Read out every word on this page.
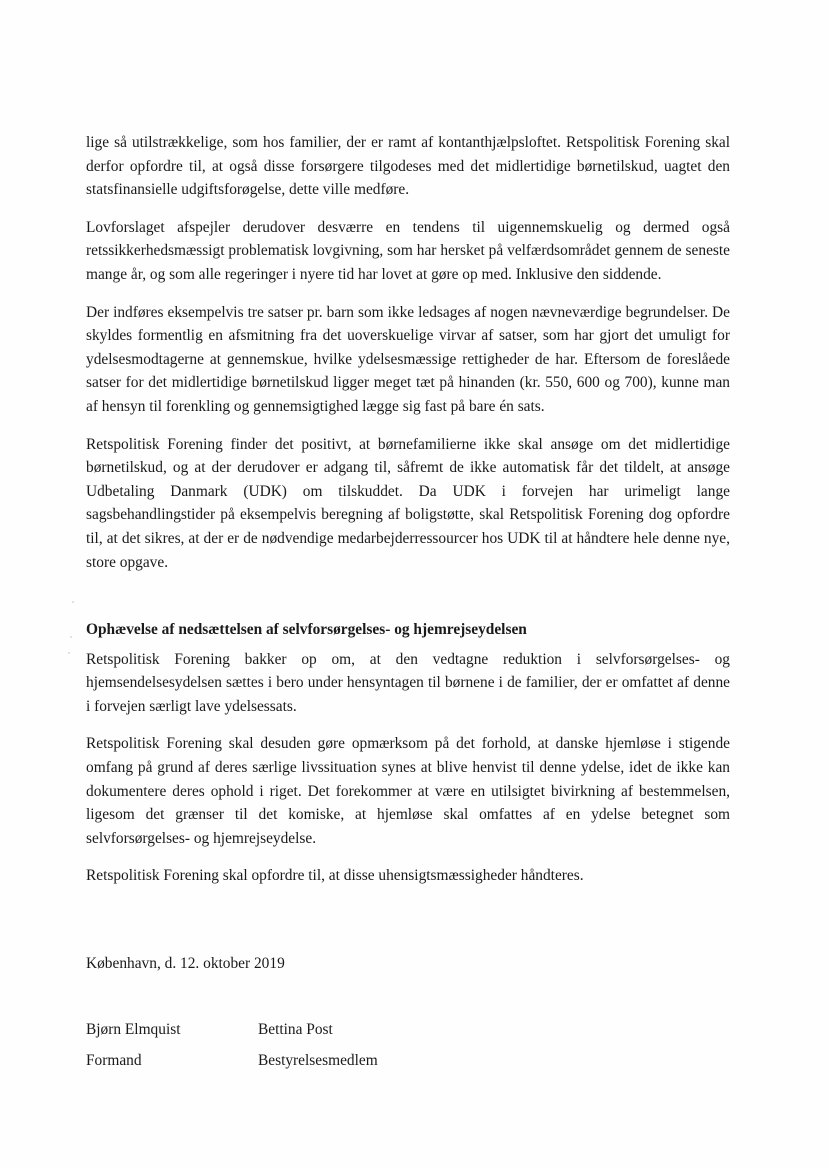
lige så utilstrækkelige, som hos familier, der er ramt af kontanthjælpsloftet. Retspolitisk Forening skal derfor opfordre til, at også disse forsørgere tilgodeses med det midlertidige børnetilskud, uagtet den statsfinansielle udgiftsforøgelse, dette ville medføre.

Lovforslaget afspejler derudover desværre en tendens til uigennemskuelig og dermed også retssikkerhedsmæssigt problematisk lovgivning, som har hersket på velfærdsområdet gennem de seneste mange år, og som alle regeringer i nyere tid har lovet at gøre op med. Inklusive den siddende.

Der indføres eksempelvis tre satser pr. barn som ikke ledsages af nogen nævneværdige begrundelser. De skyldes formentlig en afsmitning fra det uoverskuelige virvar af satser, som har gjort det umuligt for ydelsesmodtagerne at gennemskue, hvilke ydelsesmæssige rettigheder de har. Eftersom de foreslåede satser for det midlertidige børnetilskud ligger meget tæt på hinanden (kr. 550, 600 og 700), kunne man af hensyn til forenkling og gennemsigtighed lægge sig fast på bare én sats.

Retspolitisk Forening finder det positivt, at børnefamilierne ikke skal ansøge om det midlertidige børnetilskud, og at der derudover er adgang til, såfremt de ikke automatisk får det tildelt, at ansøge Udbetaling Danmark (UDK) om tilskuddet. Da UDK i forvejen har urimeligt lange sagsbehandlingstider på eksempelvis beregning af boligstøtte, skal Retspolitisk Forening dog opfordre til, at det sikres, at der er de nødvendige medarbejderressourcer hos UDK til at håndtere hele denne nye, store opgave.

Ophævelse af nedsættelsen af selvforsørgelses- og hjemrejseydelsen

Retspolitisk Forening bakker op om, at den vedtagne reduktion i selvforsørgelses- og hjemsendelsesydelsen sættes i bero under hensyntagen til børnene i de familier, der er omfattet af denne i forvejen særligt lave ydelsessats.

Retspolitisk Forening skal desuden gøre opmærksom på det forhold, at danske hjemløse i stigende omfang på grund af deres særlige livssituation synes at blive henvist til denne ydelse, idet de ikke kan dokumentere deres ophold i riget. Det forekommer at være en utilsigtet bivirkning af bestemmelsen, ligesom det grænser til det komiske, at hjemløse skal omfattes af en ydelse betegnet som selvforsørgelses- og hjemrejseydelse.

Retspolitisk Forening skal opfordre til, at disse uhensigtsmæssigheder håndteres.

København, d. 12. oktober 2019
Bjørn Elmquist	Bettina Post
Formand	Bestyrelsesmedlem
